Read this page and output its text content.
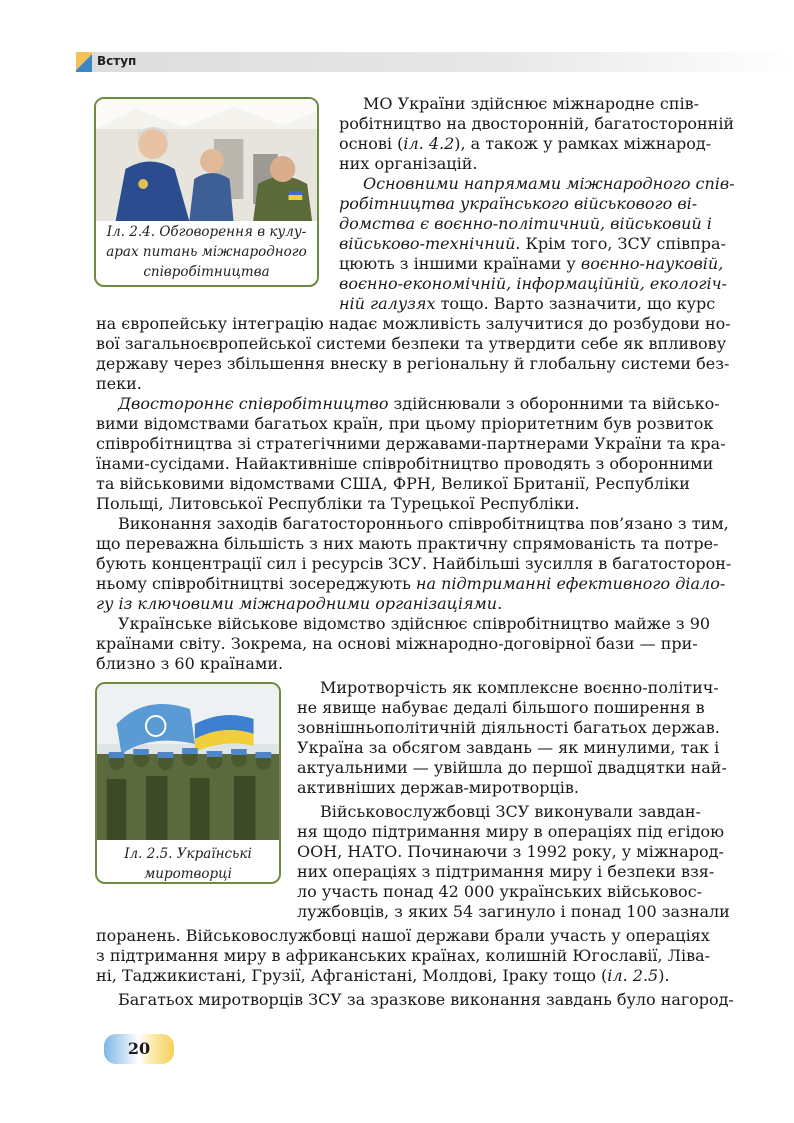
Вступ
Іл. 2.4. Обговорення в кулу-
арах питань міжнародного
співробітництва
Іл. 2.5. Українські
миротворці
МО України здійснює міжнародне спів-
робітництво на двосторонній, багатосторонній
основі (іл. 4.2), а також у рамках міжнарод-
них організацій.
Основними напрямами міжнародного спів-
робітництва українського військового ві-
домства є воєнно-політичний, військовий і
військово-технічний. Крім того, ЗСУ співпра-
цюють з іншими країнами у воєнно-науковій,
воєнно-економічній, інформаційній, екологіч-
ній галузях тощо. Варто зазначити, що курс
на європейську інтеграцію надає можливість залучитися до розбудови но-
вої загальноєвропейської системи безпеки та утвердити себе як впливову
державу через збільшення внеску в регіональну й глобальну системи без-
пеки.
Двостороннє співробітництво здійснювали з оборонними та військо-
вими відомствами багатьох країн, при цьому пріоритетним був розвиток
співробітництва зі стратегічними державами-партнерами України та кра-
їнами-сусідами. Найактивніше співробітництво проводять з оборонними
та військовими відомствами США, ФРН, Великої Британії, Республіки
Польщі, Литовської Республіки та Турецької Республіки.
Виконання заходів багатостороннього співробітництва пов’язано з тим,
що переважна більшість з них мають практичну спрямованість та потре-
бують концентрації сил і ресурсів ЗСУ. Найбільші зусилля в багатосторон-
ньому співробітництві зосереджують на підтриманні ефективного діало-
гу із ключовими міжнародними організаціями.
Українське військове відомство здійснює співробітництво майже з 90
країнами світу. Зокрема, на основі міжнародно-договірної бази — при-
близно з 60 країнами.
Миротворчість як комплексне воєнно-політич-
не явище набуває дедалі більшого поширення в
зовнішньополітичній діяльності багатьох держав.
Україна за обсягом завдань — як минулими, так і
актуальними — увійшла до першої двадцятки най-
активніших держав-миротворців.
Військовослужбовці ЗСУ виконували завдан-
ня щодо підтримання миру в операціях під егідою
ООН, НАТО. Починаючи з 1992 року, у міжнарод-
них операціях з підтримання миру і безпеки взя-
ло участь понад 42 000 українських військовос-
лужбовців, з яких 54 загинуло і понад 100 зазнали
поранень. Військовослужбовці нашої держави брали участь у операціях
з підтримання миру в африканських країнах, колишній Югославії, Ліва-
ні, Таджикистані, Грузії, Афганістані, Молдові, Іраку тощо (іл. 2.5).
Багатьох миротворців ЗСУ за зразкове виконання завдань було нагород-
20
